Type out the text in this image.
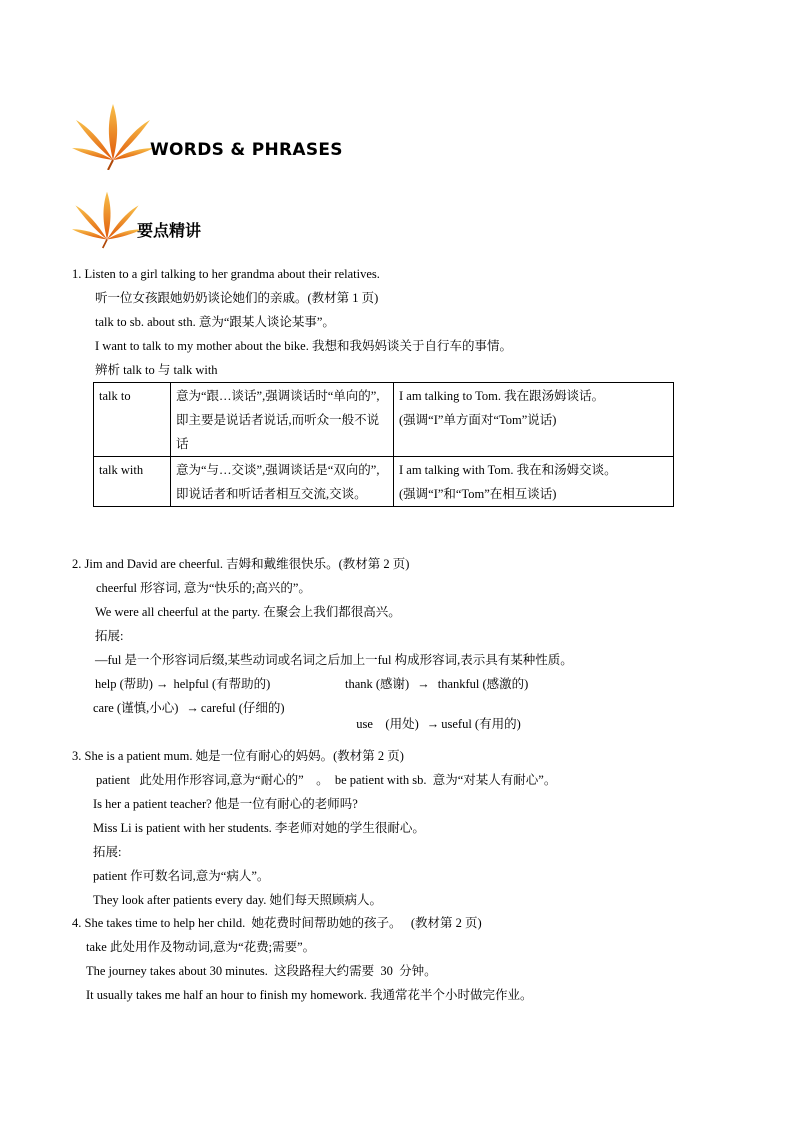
WORDS & PHRASES
要点精讲
1. Listen to a girl talking to her grandma about their relatives.
听一位女孩跟她奶奶谈论她们的亲戚。(教材第 1 页)
talk to sb. about sth. 意为“跟某人谈论某事”。
I want to talk to my mother about the bike. 我想和我妈妈谈关于自行车的事情。
辨析 talk to 与 talk with
talk to	意为“跟…谈话”,强调谈话时“单向的”,即主要是说话者说话,而听众一般不说话	I am talking to Tom. 我在跟汤姆谈话。
(强调“I”单方面对“Tom”说话)

talk with	意为“与…交谈”,强调谈话是“双向的”,即说话者和听话者相互交流,交谈。	I am talking with Tom. 我在和汤姆交谈。
(强调“I”和“Tom”在相互谈话)
2. Jim and David are cheerful. 吉姆和戴维很快乐。(教材第 2 页)
cheerful 形容词, 意为“快乐的;高兴的”。
We were all cheerful at the party. 在聚会上我们都很高兴。
拓展:
—ful 是一个形容词后缀,某些动词或名词之后加上一ful 构成形容词,表示具有某种性质。
help (帮助) → helpful (有帮助的)	thank (感谢) → thankful (感激的)
care (谨慎,小心) → careful (仔细的)

use    (用处) → useful (有用的)

3. She is a patient mum. 她是一位有耐心的妈妈。(教材第 2 页)
patient   此处用作形容词,意为“耐心的”    。  be patient with sb.  意为“对某人有耐心”。
Is her a patient teacher? 他是一位有耐心的老师吗?
Miss Li is patient with her students. 李老师对她的学生很耐心。
拓展:
patient 作可数名词,意为“病人”。
They look after patients every day. 她们每天照顾病人。
4. She takes time to help her child.  她花费时间帮助她的孩子。   (教材第 2 页)
take 此处用作及物动词,意为“花费;需要”。
The journey takes about 30 minutes.  这段路程大约需要  30  分钟。
It usually takes me half an hour to finish my homework. 我通常花半个小时做完作业。
